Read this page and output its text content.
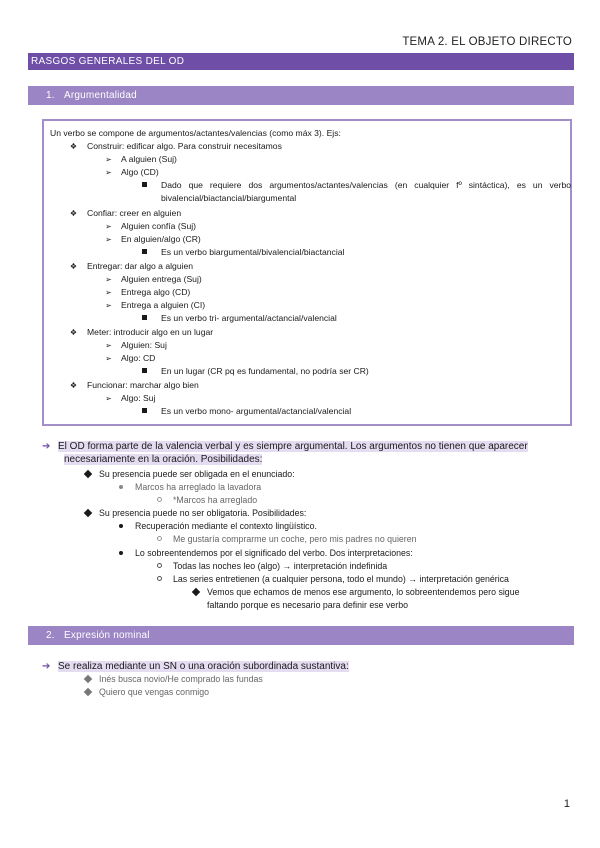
TEMA 2. EL OBJETO DIRECTO
RASGOS GENERALES DEL OD
1. Argumentalidad
Un verbo se compone de argumentos/actantes/valencias (como máx 3). Ejs:
❖ Construir: edificar algo. Para construir necesitamos
➢ A alguien (Suj)
➢ Algo (CD)
Dado que requiere dos argumentos/actantes/valencias (en cualquier fº sintáctica), es un verbo bivalencial/biactancial/biargumental
❖ Confiar: creer en alguien
➢ Alguien confía (Suj)
➢ En alguien/algo (CR)
Es un verbo biargumental/bivalencial/biactancial
❖ Entregar: dar algo a alguien
➢ Alguien entrega (Suj)
➢ Entrega algo (CD)
➢ Entrega a alguien (CI)
Es un verbo tri- argumental/actancial/valencial
❖ Meter: introducir algo en un lugar
➢ Alguien: Suj
➢ Algo: CD
En un lugar (CR pq es fundamental, no podría ser CR)
❖ Funcionar: marchar algo bien
➢ Algo: Suj
Es un verbo mono- argumental/actancial/valencial
➔ El OD forma parte de la valencia verbal y es siempre argumental. Los argumentos no tienen que aparecer
necesariamente en la oración. Posibilidades:
Su presencia puede ser obligada en el enunciado:
Marcos ha arreglado la lavadora
*Marcos ha arreglado
Su presencia puede no ser obligatoria. Posibilidades:
Recuperación mediante el contexto lingüístico.
Me gustaría comprarme un coche, pero mis padres no quieren
Lo sobreentendemos por el significado del verbo. Dos interpretaciones:
Todas las noches leo (algo) → interpretación indefinida
Las series entretienen (a cualquier persona, todo el mundo) → interpretación genérica
Vemos que echamos de menos ese argumento, lo sobreentendemos pero sigue
faltando porque es necesario para definir ese verbo
2. Expresión nominal
➔ Se realiza mediante un SN o una oración subordinada sustantiva:
Inés busca novio/He comprado las fundas
Quiero que vengas conmigo
1
